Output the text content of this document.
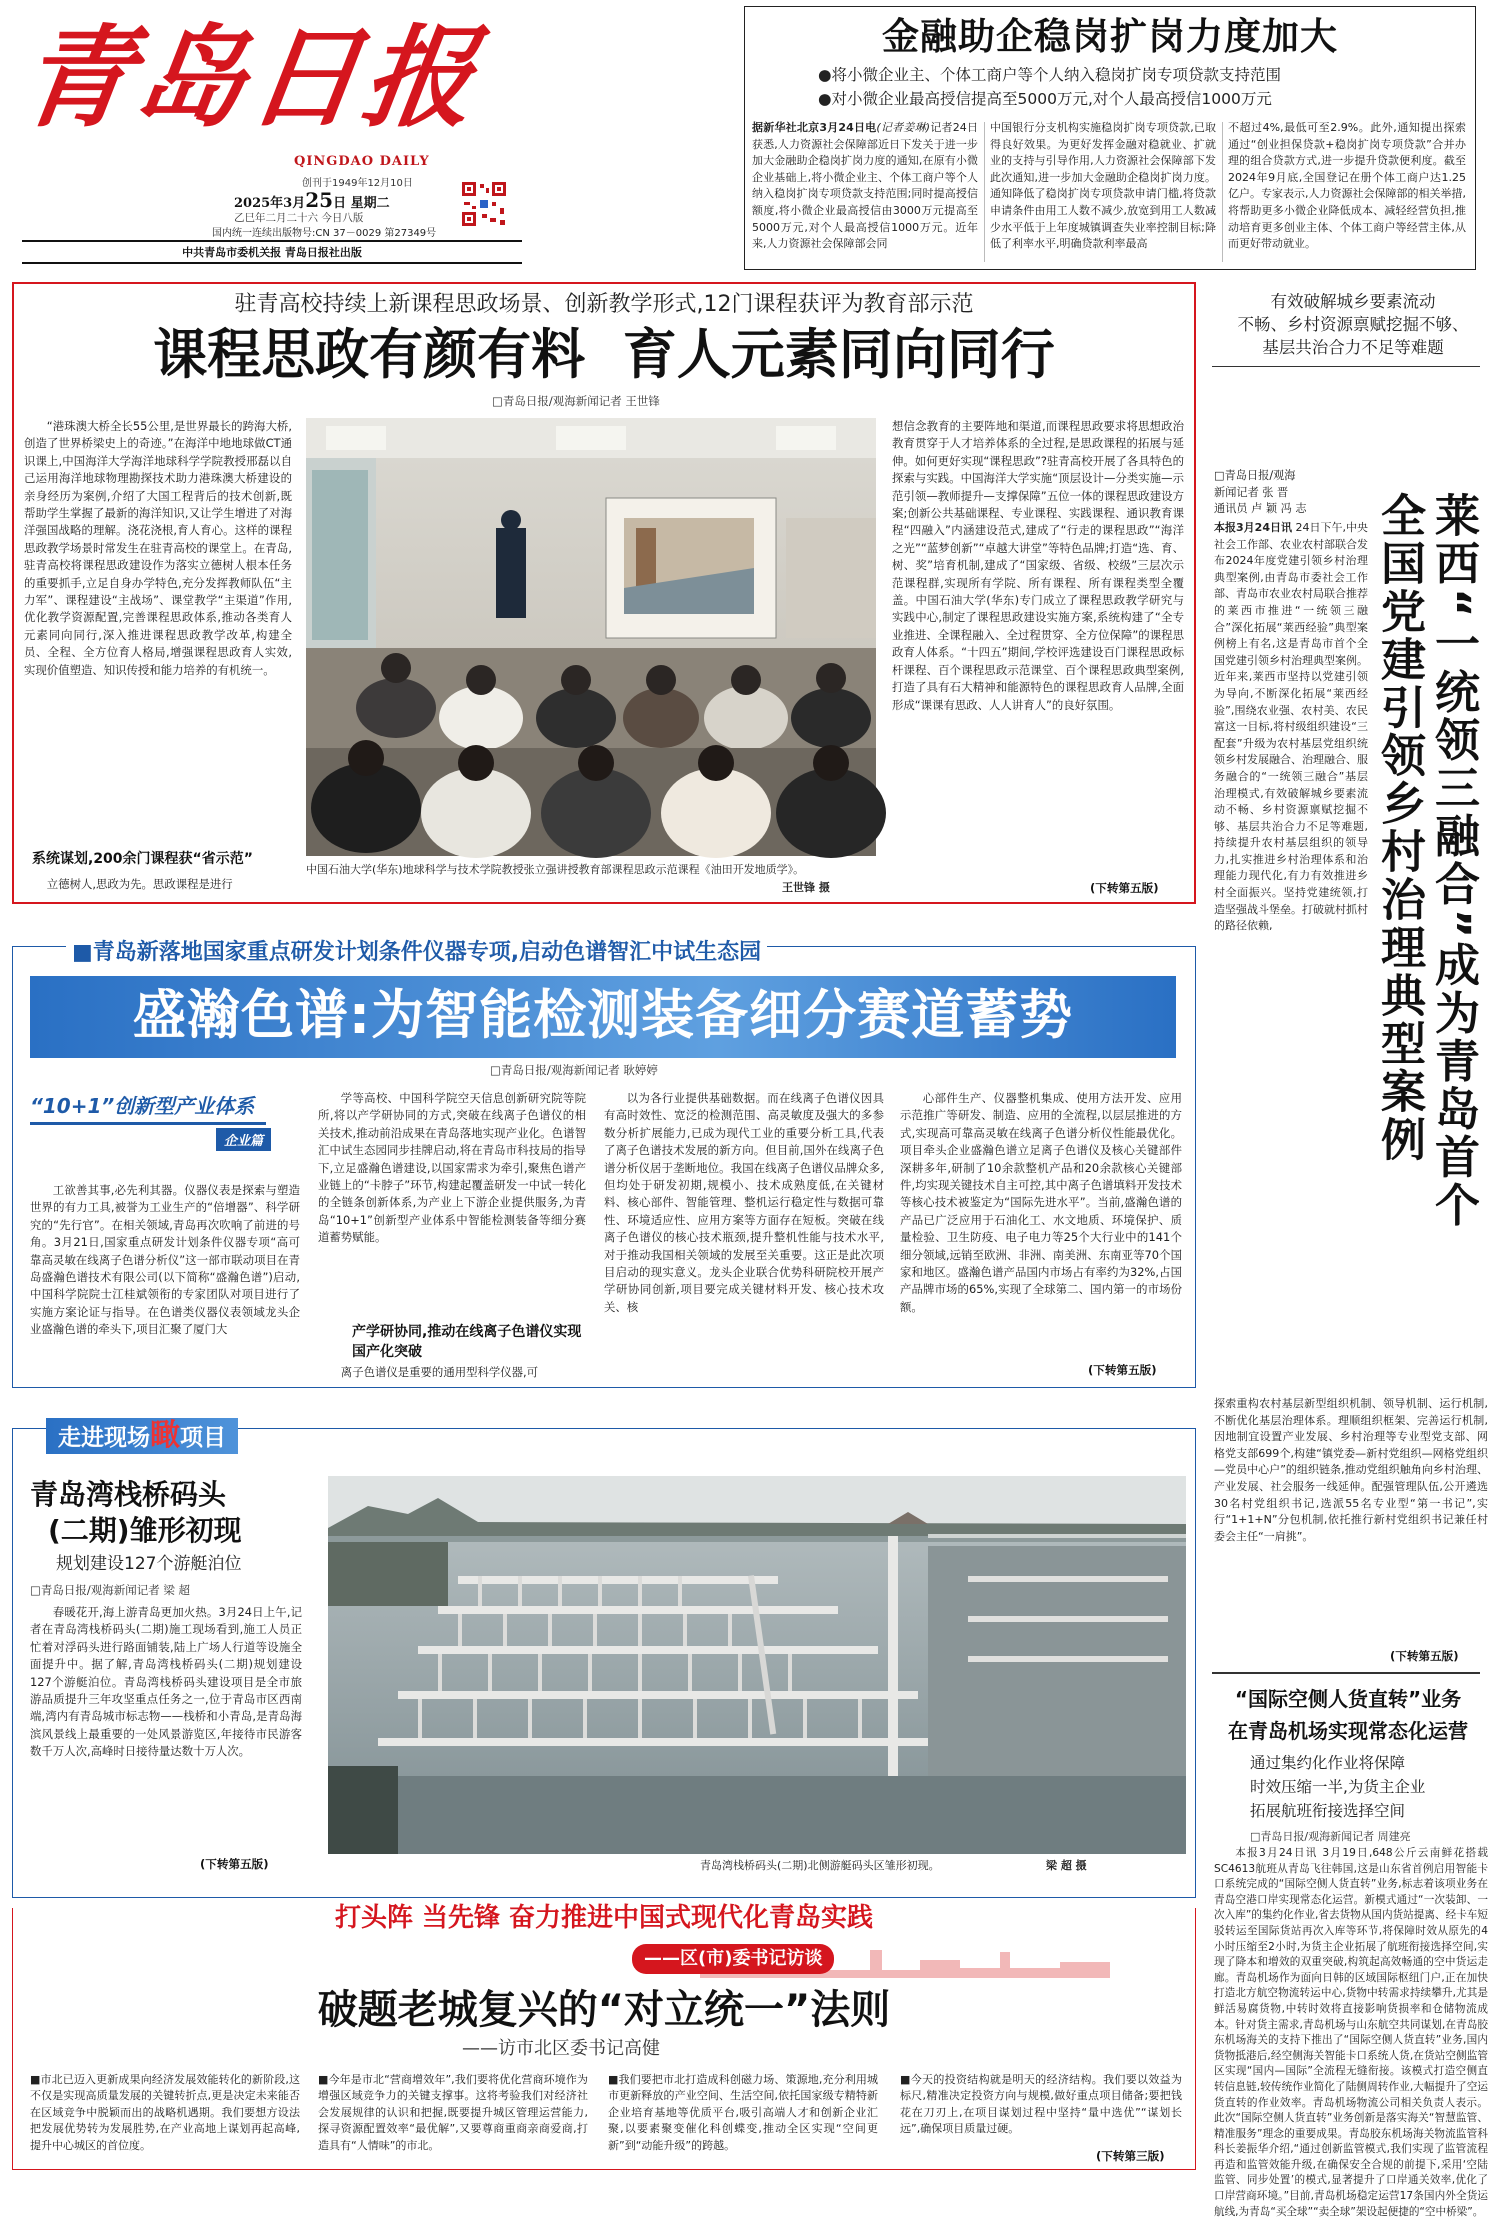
青岛日报
QINGDAO DAILY
创刊于1949年12月10日
2025年3月25日 星期二
乙巳年二月二十六 今日八版
国内统一连续出版物号:CN 37－0029 第27349号
中共青岛市委机关报 青岛日报社出版
金融助企稳岗扩岗力度加大
●将小微企业主、个体工商户等个人纳入稳岗扩岗专项贷款支持范围
●对小微企业最高授信提高至5000万元,对个人最高授信1000万元
据新华社北京3月24日电(记者姜琳)记者24日获悉,人力资源社会保障部近日下发关于进一步加大金融助企稳岗扩岗力度的通知,在原有小微企业基础上,将小微企业主、个体工商户等个人纳入稳岗扩岗专项贷款支持范围;同时提高授信额度,将小微企业最高授信由3000万元提高至5000万元,对个人最高授信1000万元。近年来,人力资源社会保障部会同
中国银行分支机构实施稳岗扩岗专项贷款,已取得良好效果。为更好发挥金融对稳就业、扩就业的支持与引导作用,人力资源社会保障部下发此次通知,进一步加大金融助企稳岗扩岗力度。通知降低了稳岗扩岗专项贷款申请门槛,将贷款申请条件由用工人数不减少,放宽到用工人数减少水平低于上年度城镇调查失业率控制目标;降低了利率水平,明确贷款利率最高
不超过4%,最低可至2.9%。此外,通知提出探索通过“创业担保贷款+稳岗扩岗专项贷款”合并办理的组合贷款方式,进一步提升贷款便利度。截至2024年9月底,全国登记在册个体工商户达1.25亿户。专家表示,人力资源社会保障部的相关举措,将帮助更多小微企业降低成本、减轻经营负担,推动培育更多创业主体、个体工商户等经营主体,从而更好带动就业。
驻青高校持续上新课程思政场景、创新教学形式,12门课程获评为教育部示范
课程思政有颜有料  育人元素同向同行
□青岛日报/观海新闻记者 王世锋
“港珠澳大桥全长55公里,是世界最长的跨海大桥,创造了世界桥梁史上的奇迹。”在海洋中地地球做CT通识课上,中国海洋大学海洋地球科学学院教授邢磊以自己运用海洋地球物理勘探技术助力港珠澳大桥建设的亲身经历为案例,介绍了大国工程背后的技术创新,既帮助学生掌握了最新的海洋知识,又让学生增进了对海洋强国战略的理解。浇花浇根,育人育心。这样的课程思政教学场景时常发生在驻青高校的课堂上。在青岛,驻青高校将课程思政建设作为落实立德树人根本任务的重要抓手,立足自身办学特色,充分发挥教师队伍“主力军”、课程建设“主战场”、课堂教学“主渠道”作用,优化教学资源配置,完善课程思政体系,推动各类育人元素同向同行,深入推进课程思政教学改革,构建全员、全程、全方位育人格局,增强课程思政育人实效,实现价值塑造、知识传授和能力培养的有机统一。
系统谋划,200余门课程获“省示范”
立德树人,思政为先。思政课程是进行
中国石油大学(华东)地球科学与技术学院教授张立强讲授教育部课程思政示范课程《油田开发地质学》。
王世锋 摄
想信念教育的主要阵地和渠道,而课程思政要求将思想政治教育贯穿于人才培养体系的全过程,是思政课程的拓展与延伸。如何更好实现“课程思政”?驻青高校开展了各具特色的探索与实践。中国海洋大学实施“顶层设计—分类实施—示范引领—教师提升—支撑保障”五位一体的课程思政建设方案;创新公共基础课程、专业课程、实践课程、通识教育课程“四融入”内涵建设范式,建成了“行走的课程思政”“海洋之光”“蓝梦创新”“卓越大讲堂”等特色品牌;打造“选、育、树、奖”培育机制,建成了“国家级、省级、校级”三层次示范课程群,实现所有学院、所有课程、所有课程类型全覆盖。中国石油大学(华东)专门成立了课程思政教学研究与实践中心,制定了课程思政建设实施方案,系统构建了“全专业推进、全课程融入、全过程贯穿、全方位保障”的课程思政育人体系。“十四五”期间,学校评选建设百门课程思政标杆课程、百个课程思政示范课堂、百个课程思政典型案例,打造了具有石大精神和能源特色的课程思政育人品牌,全面形成“课课有思政、人人讲育人”的良好氛围。
(下转第五版)
有效破解城乡要素流动
不畅、乡村资源禀赋挖掘不够、
基层共治合力不足等难题
莱西“一统领三融合”成为青岛首个全国党建引领乡村治理典型案例
□青岛日报/观海
新闻记者 张 晋
通讯员 卢 颖 冯 志
本报3月24日讯 24日下午,中央社会工作部、农业农村部联合发布2024年度党建引领乡村治理典型案例,由青岛市委社会工作部、青岛市农业农村局联合推荐的莱西市推进“一统领三融合”深化拓展“莱西经验”典型案例榜上有名,这是青岛市首个全国党建引领乡村治理典型案例。近年来,莱西市坚持以党建引领为导向,不断深化拓展“莱西经验”,围绕农业强、农村美、农民富这一目标,将村级组织建设“三配套”升级为农村基层党组织统领乡村发展融合、治理融合、服务融合的“一统领三融合”基层治理模式,有效破解城乡要素流动不畅、乡村资源禀赋挖掘不够、基层共治合力不足等难题,持续提升农村基层组织的领导力,扎实推进乡村治理体系和治理能力现代化,有力有效推进乡村全面振兴。坚持党建统领,打造坚强战斗堡垒。打破就村抓村的路径依赖,
探索重构农村基层新型组织机制、领导机制、运行机制,不断优化基层治理体系。理顺组织框架、完善运行机制,因地制宜设置产业发展、乡村治理等专业型党支部、网格党支部699个,构建“镇党委—新村党组织—网格党组织—党员中心户”的组织链条,推动党组织触角向乡村治理、产业发展、社会服务一线延伸。配强管理队伍,公开遴选30名村党组织书记,选派55名专业型“第一书记”,实行“1+1+N”分包机制,依托推行新村党组织书记兼任村委会主任“一肩挑”。
(下转第五版)
■青岛新落地国家重点研发计划条件仪器专项,启动色谱智汇中试生态园
盛瀚色谱:为智能检测装备细分赛道蓄势
□青岛日报/观海新闻记者 耿婷婷
“10+1”创新型产业体系
企业篇
工欲善其事,必先利其器。仪器仪表是探索与塑造世界的有力工具,被誉为工业生产的“倍增器”、科学研究的“先行官”。在相关领域,青岛再次吹响了前进的号角。3月21日,国家重点研发计划条件仪器专项“高可靠高灵敏在线离子色谱分析仪”这一部市联动项目在青岛盛瀚色谱技术有限公司(以下简称“盛瀚色谱”)启动,中国科学院院士江桂斌领衔的专家团队对项目进行了实施方案论证与指导。在色谱类仪器仪表领域龙头企业盛瀚色谱的牵头下,项目汇聚了厦门大
学等高校、中国科学院空天信息创新研究院等院所,将以产学研协同的方式,突破在线离子色谱仪的相关技术,推动前沿成果在青岛落地实现产业化。色谱智汇中试生态园同步挂牌启动,将在青岛市科技局的指导下,立足盛瀚色谱建设,以国家需求为牵引,聚焦色谱产业链上的“卡脖子”环节,构建起覆盖研发一中试一转化的全链条创新体系,为产业上下游企业提供服务,为青岛“10+1”创新型产业体系中智能检测装备等细分赛道蓄势赋能。
产学研协同,推动在线离子色谱仪实现国产化突破
离子色谱仪是重要的通用型科学仪器,可
以为各行业提供基础数据。而在线离子色谱仪因具有高时效性、宽泛的检测范围、高灵敏度及强大的多参数分析扩展能力,已成为现代工业的重要分析工具,代表了离子色谱技术发展的新方向。但目前,国外在线离子色谱分析仪居于垄断地位。我国在线离子色谱仪品牌众多,但均处于研发初期,规模小、技术成熟度低,在关键材料、核心部件、智能管理、整机运行稳定性与数据可靠性、环境适应性、应用方案等方面存在短板。突破在线离子色谱仪的核心技术瓶颈,提升整机性能与技术水平,对于推动我国相关领域的发展至关重要。这正是此次项目启动的现实意义。龙头企业联合优势科研院校开展产学研协同创新,项目要完成关键材料开发、核心技术攻关、核
心部件生产、仪器整机集成、使用方法开发、应用示范推广等研发、制造、应用的全流程,以层层推进的方式,实现高可靠高灵敏在线离子色谱分析仪性能最优化。项目牵头企业盛瀚色谱立足离子色谱仪及核心关键部件深耕多年,研制了10余款整机产品和20余款核心关键部件,均实现关键技术自主可控,其中离子色谱填料开发技术等核心技术被鉴定为“国际先进水平”。当前,盛瀚色谱的产品已广泛应用于石油化工、水文地质、环境保护、质量检验、卫生防疫、电子电力等25个大行业中的141个细分领域,远销至欧洲、非洲、南美洲、东南亚等70个国家和地区。盛瀚色谱产品国内市场占有率约为32%,占国产品牌市场的65%,实现了全球第二、国内第一的市场份额。
(下转第五版)
走进现场瞰项目
青岛湾栈桥码头
(二期)雏形初现
规划建设127个游艇泊位
□青岛日报/观海新闻记者 梁 超
春暖花开,海上游青岛更加火热。3月24日上午,记者在青岛湾栈桥码头(二期)施工现场看到,施工人员正忙着对浮码头进行路面铺装,陆上广场人行道等设施全面提升中。据了解,青岛湾栈桥码头(二期)规划建设127个游艇泊位。青岛湾栈桥码头建设项目是全市旅游品质提升三年攻坚重点任务之一,位于青岛市区西南端,湾内有青岛城市标志物——栈桥和小青岛,是青岛海滨风景线上最重要的一处风景游览区,年接待市民游客数千万人次,高峰时日接待量达数十万人次。
(下转第五版)	青岛湾栈桥码头(二期)北侧游艇码头区雏形初现。	梁 超 摄
“国际空侧人货直转”业务
在青岛机场实现常态化运营
通过集约化作业将保障
时效压缩一半,为货主企业
拓展航班衔接选择空间
□青岛日报/观海新闻记者 周建亮
本报3月24日讯 3月19日,648公斤云南鲜花搭载SC4613航班从青岛飞往韩国,这是山东省首例启用智能卡口系统完成的“国际空侧人货直转”业务,标志着该项业务在青岛空港口岸实现常态化运营。新模式通过“一次装卸、一次入库”的集约化作业,省去货物从国内货站提离、经卡车短驳转运至国际货站再次入库等环节,将保障时效从原先的4小时压缩至2小时,为货主企业拓展了航班衔接选择空间,实现了降本和增效的双重突破,构筑起高效畅通的空中货运走廊。青岛机场作为面向日韩的区域国际枢纽门户,正在加快打造北方航空物流转运中心,货物中转需求持续攀升,尤其是鲜活易腐货物,中转时效将直接影响货损率和仓储物流成本。针对货主需求,青岛机场与山东航空共同谋划,在青岛胶东机场海关的支持下推出了“国际空侧人货直转”业务,国内货物抵港后,经空侧海关智能卡口系统人货,在货站空侧监管区实现“国内—国际”全流程无缝衔接。该模式打造空侧直转信息链,较传统作业简化了陆侧周转作业,大幅提升了空运货直转的作业效率。青岛机场物流公司相关负责人表示。此次“国际空侧人货直转”业务创新是落实海关“智慧监管、精准服务”理念的重要成果。青岛胶东机场海关物流监管科科长姜振华介绍,“通过创新监管模式,我们实现了监管流程再造和监管效能升级,在确保安全合规的前提下,采用‘空陆监管、同步处置’的模式,显著提升了口岸通关效率,优化了口岸营商环境。”目前,青岛机场稳定运营17条国内外全货运航线,为青岛“买全球”“卖全球”架设起便捷的“空中桥梁”。
打头阵 当先锋 奋力推进中国式现代化青岛实践
——区(市)委书记访谈
破题老城复兴的“对立统一”法则
——访市北区委书记高健
■市北已迈入更新成果向经济发展效能转化的新阶段,这不仅是实现高质量发展的关键转折点,更是决定未来能否在区域竞争中脱颖而出的战略机遇期。我们要想方设法把发展优势转为发展胜势,在产业高地上谋划再起高峰,提升中心城区的首位度。
■今年是市北“营商增效年”,我们要将优化营商环境作为增强区域竞争力的关键支撑事。这将考验我们对经济社会发展规律的认识和把握,既要提升城区管理运营能力,探寻资源配置效率“最优解”,又要尊商重商亲商爱商,打造具有“人情味”的市北。
■我们要把市北打造成科创磁力场、策源地,充分利用城市更新释放的产业空间、生活空间,依托国家级专精特新企业培育基地等优质平台,吸引高端人才和创新企业汇聚,以要素聚变催化科创蝶变,推动全区实现“空间更新”到“动能升级”的跨越。
■今天的投资结构就是明天的经济结构。我们要以效益为标尺,精准决定投资方向与规模,做好重点项目储备;要把钱花在刀刃上,在项目谋划过程中坚持“量中选优”“谋划长远”,确保项目质量过硬。
(下转第三版)
